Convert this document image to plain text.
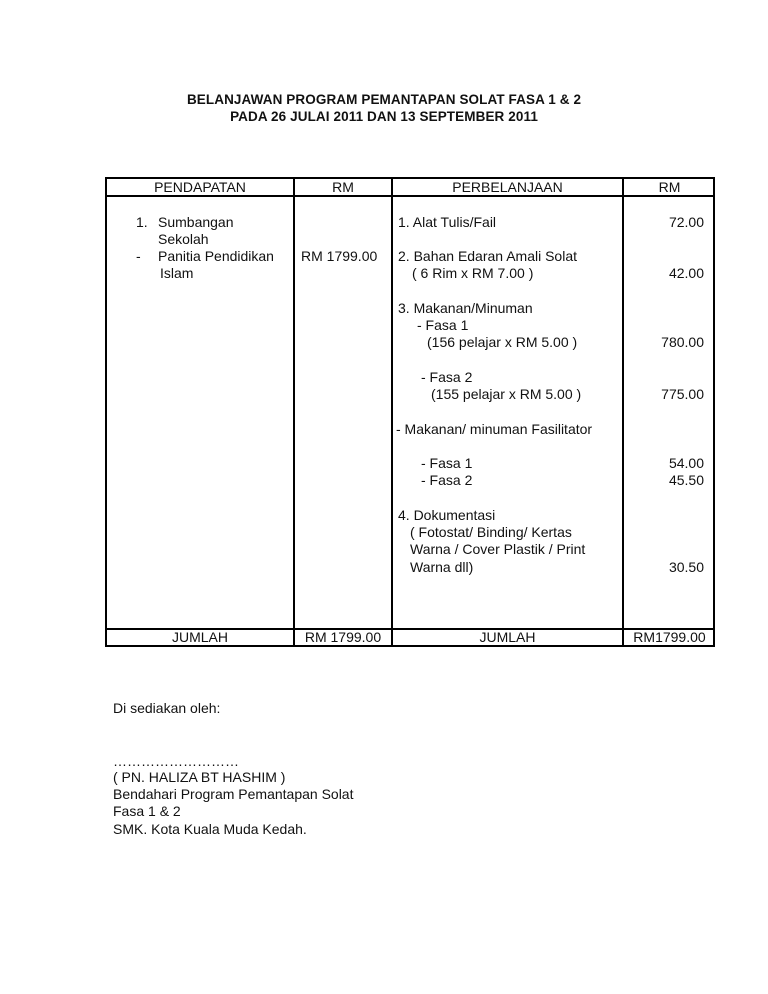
BELANJAWAN PROGRAM PEMANTAPAN SOLAT FASA 1 & 2
PADA 26 JULAI 2011 DAN 13 SEPTEMBER 2011
PENDAPATAN	RM	PERBELANJAAN	RM
1. Sumbangan
Sekolah
- Panitia Pendidikan
Islam
RM 1799.00
1. Alat Tulis/Fail	72.00
2. Bahan Edaran Amali Solat
( 6 Rim x RM 7.00 )	42.00
3. Makanan/Minuman
- Fasa 1
(156 pelajar x RM 5.00 )	780.00
- Fasa 2
(155 pelajar x RM 5.00 )	775.00
- Makanan/ minuman Fasilitator
- Fasa 1	54.00
- Fasa 2	45.50
4. Dokumentasi
( Fotostat/ Binding/ Kertas
Warna / Cover Plastik / Print
Warna dll)	30.50
JUMLAH	RM 1799.00	JUMLAH	RM1799.00
Di sediakan oleh:
………………………
( PN. HALIZA BT HASHIM )
Bendahari Program Pemantapan Solat
Fasa 1 & 2
SMK. Kota Kuala Muda Kedah.
